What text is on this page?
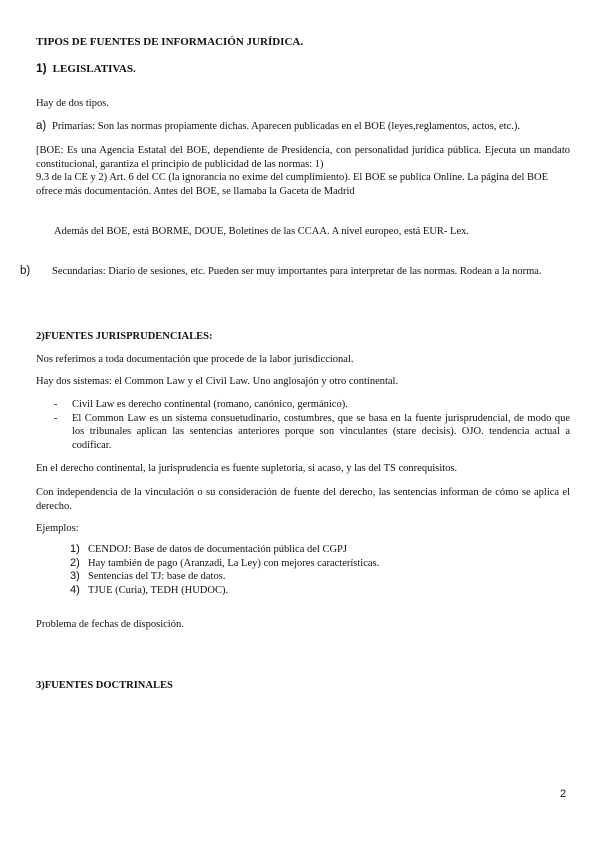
TIPOS DE FUENTES DE INFORMACIÓN JURÍDICA.
1) LEGISLATIVAS.
Hay de dos tipos.
a) Primarias: Son las normas propiamente dichas. Aparecen publicadas en el BOE (leyes,reglamentos, actos, etc.).
[BOE: Es una Agencia Estatal del BOE, dependiente de Presidencia, con personalidad jurídica pública. Ejecuta un mandato constitucional, garantiza el principio de publicidad de las normas: 1)
9.3 de la CE y 2) Art. 6 del CC (la ignorancia no exime del cumplimiento). El BOE se publica Online. La página del BOE ofrece más documentación. Antes del BOE, se llamaba la Gaceta de Madrid
Además del BOE, está BORME, DOUE, Boletines de las CCAA. A nivel europeo, está EUR- Lex.
b) Secundarias: Diario de sesiones, etc. Pueden ser muy importantes para interpretar de las normas. Rodean a la norma.
2)FUENTES JURISPRUDENCIALES:
Nos referimos a toda documentación que procede de la labor jurisdiccional.
Hay dos sistemas: el Common Law y el Civil Law. Uno anglosajón y otro continental.
- Civil Law es derecho continental (romano, canónico, germánico).
- El Common Law es un sistema consuetudinario, costumbres, que se basa en la fuente jurisprudencial, de modo que los tribunales aplican las sentencias anteriores porque son vinculantes (stare decisis). OJO. tendencia actual a codificar.
En el derecho continental, la jurisprudencia es fuente supletoria, si acaso, y las del TS conrequisitos.
Con independencia de la vinculación o su consideración de fuente del derecho, las sentencias informan de cómo se aplica el derecho.
Ejemplos:
1) CENDOJ: Base de datos de documentación pública del CGPJ
2) Hay también de pago (Aranzadi, La Ley) con mejores características.
3) Sentencias del TJ: base de datos.
4) TJUE (Curia), TEDH (HUDOC).
Problema de fechas de disposición.
3)FUENTES DOCTRINALES
2
